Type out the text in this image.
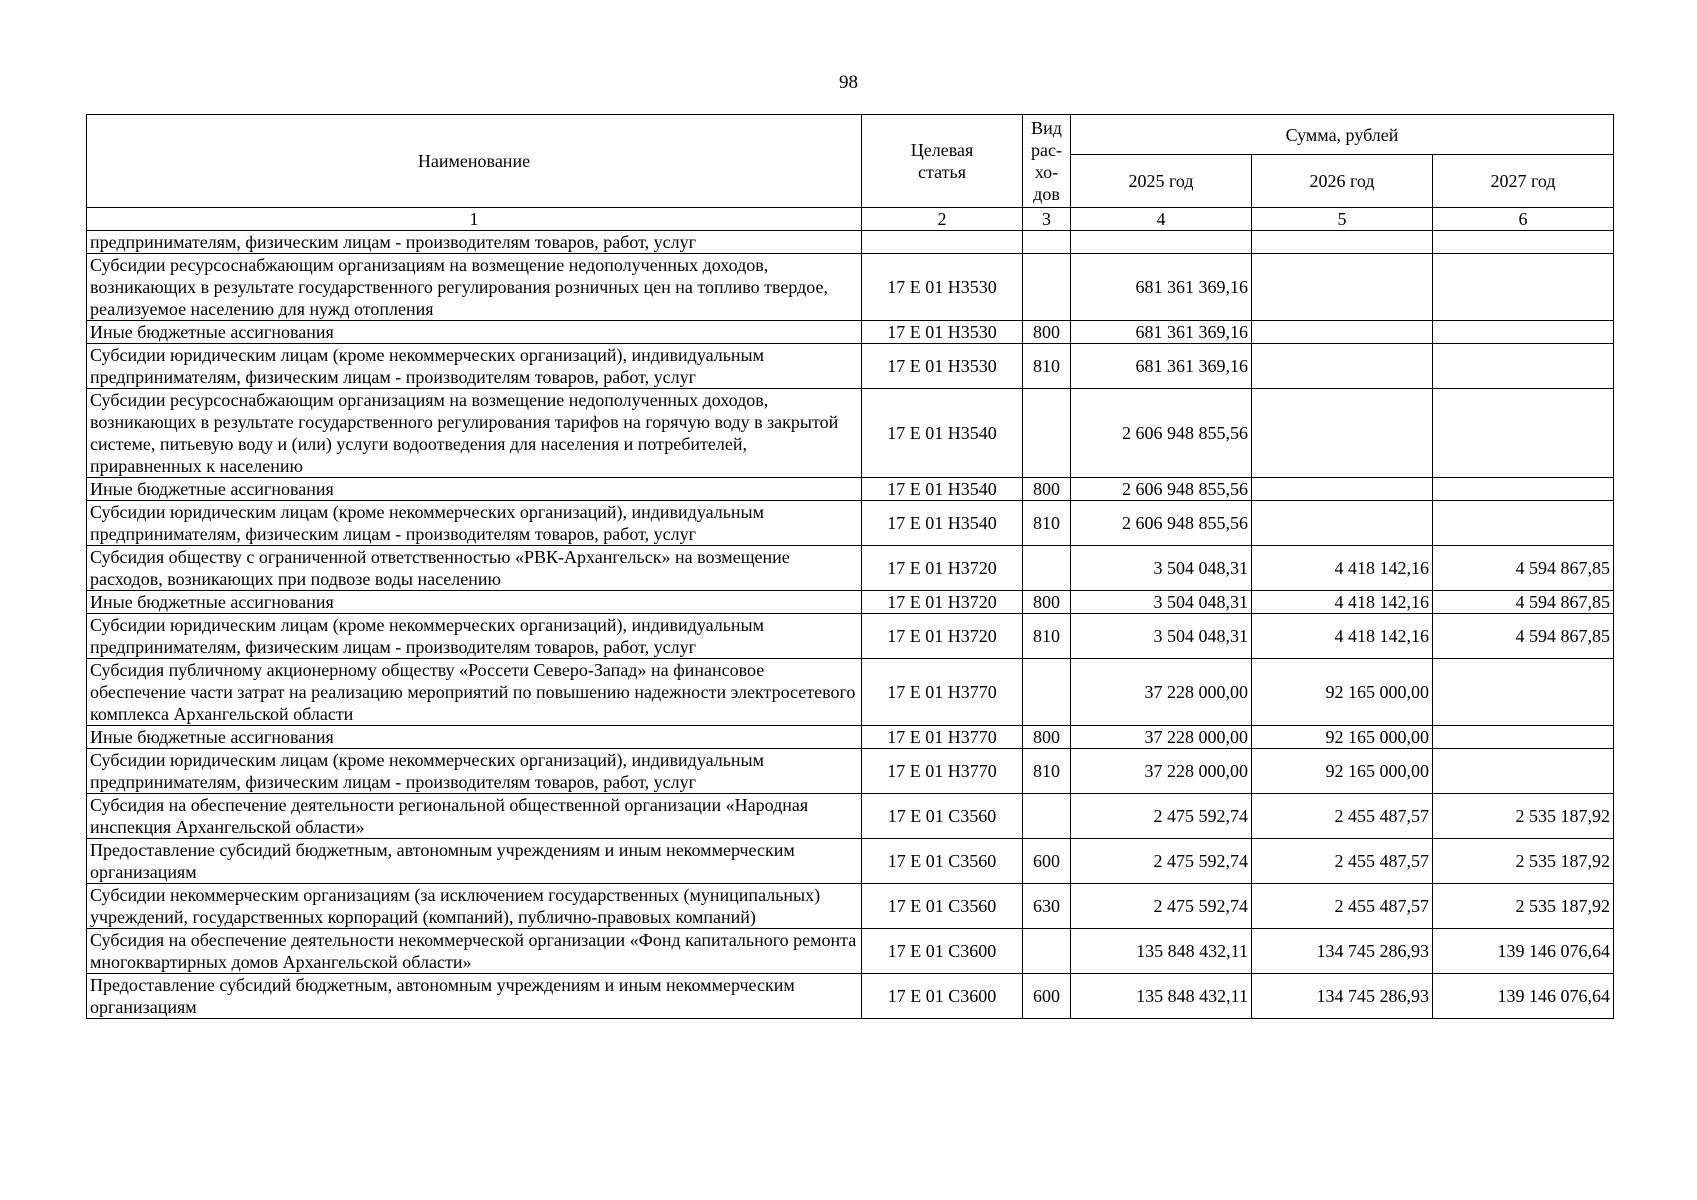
98
Наименование	Целевая статья	Вид рас-хо-дов	Сумма, рублей		
			2025 год	2026 год	2027 год
1	2	3	4	5	6
предпринимателям, физическим лицам - производителям товаров, работ, услуг					
Субсидии ресурсоснабжающим организациям на возмещение недополученных доходов, возникающих в результате государственного регулирования розничных цен на топливо твердое, реализуемое населению для нужд отопления	17 Е 01 Н3530		681 361 369,16		
Иные бюджетные ассигнования	17 Е 01 Н3530	800	681 361 369,16		
Субсидии юридическим лицам (кроме некоммерческих организаций), индивидуальным предпринимателям, физическим лицам - производителям товаров, работ, услуг	17 Е 01 Н3530	810	681 361 369,16		
Субсидии ресурсоснабжающим организациям на возмещение недополученных доходов, возникающих в результате государственного регулирования тарифов на горячую воду в закрытой системе, питьевую воду и (или) услуги водоотведения для населения и потребителей, приравненных к населению	17 Е 01 Н3540		2 606 948 855,56		
Иные бюджетные ассигнования	17 Е 01 Н3540	800	2 606 948 855,56		
Субсидии юридическим лицам (кроме некоммерческих организаций), индивидуальным предпринимателям, физическим лицам - производителям товаров, работ, услуг	17 Е 01 Н3540	810	2 606 948 855,56		
Субсидия обществу с ограниченной ответственностью «РВК-Архангельск» на возмещение расходов, возникающих при подвозе воды населению	17 Е 01 Н3720		3 504 048,31	4 418 142,16	4 594 867,85
Иные бюджетные ассигнования	17 Е 01 Н3720	800	3 504 048,31	4 418 142,16	4 594 867,85
Субсидии юридическим лицам (кроме некоммерческих организаций), индивидуальным предпринимателям, физическим лицам - производителям товаров, работ, услуг	17 Е 01 Н3720	810	3 504 048,31	4 418 142,16	4 594 867,85
Субсидия публичному акционерному обществу «Россети Северо-Запад» на финансовое обеспечение части затрат на реализацию мероприятий по повышению надежности электросетевого комплекса Архангельской области	17 Е 01 Н3770		37 228 000,00	92 165 000,00	
Иные бюджетные ассигнования	17 Е 01 Н3770	800	37 228 000,00	92 165 000,00	
Субсидии юридическим лицам (кроме некоммерческих организаций), индивидуальным предпринимателям, физическим лицам - производителям товаров, работ, услуг	17 Е 01 Н3770	810	37 228 000,00	92 165 000,00	
Субсидия на обеспечение деятельности региональной общественной организации «Народная инспекция Архангельской области»	17 Е 01 С3560		2 475 592,74	2 455 487,57	2 535 187,92
Предоставление субсидий бюджетным, автономным учреждениям и иным некоммерческим организациям	17 Е 01 С3560	600	2 475 592,74	2 455 487,57	2 535 187,92
Субсидии некоммерческим организациям (за исключением государственных (муниципальных) учреждений, государственных корпораций (компаний), публично-правовых компаний)	17 Е 01 С3560	630	2 475 592,74	2 455 487,57	2 535 187,92
Субсидия на обеспечение деятельности некоммерческой организации «Фонд капитального ремонта многоквартирных домов Архангельской области»	17 Е 01 С3600		135 848 432,11	134 745 286,93	139 146 076,64
Предоставление субсидий бюджетным, автономным учреждениям и иным некоммерческим организациям	17 Е 01 С3600	600	135 848 432,11	134 745 286,93	139 146 076,64
